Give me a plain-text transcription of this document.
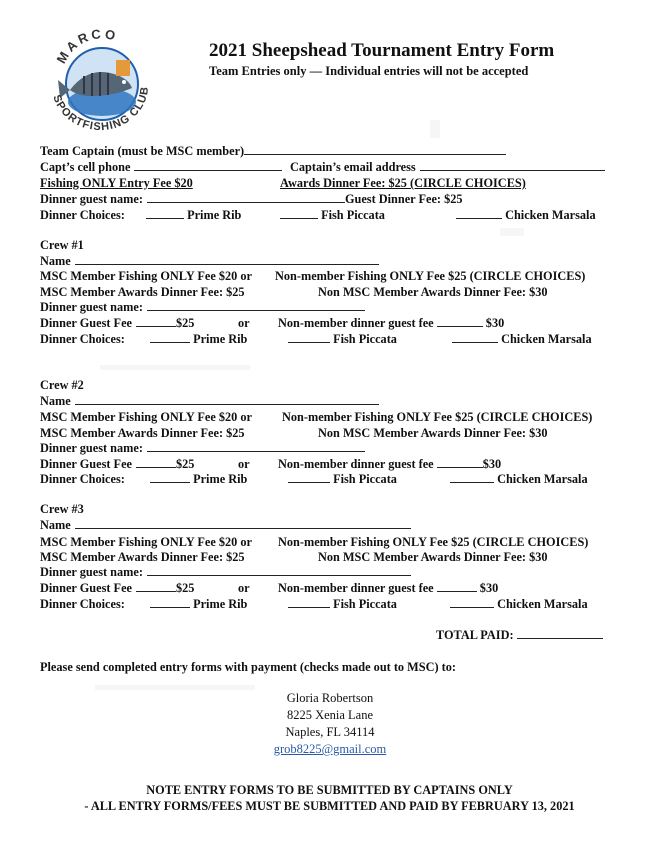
MARCO
SPORTFISHING CLUB
2021 Sheepshead Tournament Entry Form
Team Entries only — Individual entries will not be accepted
Team Captain (must be MSC member)
Capt’s cell phone	Captain’s email address
Fishing ONLY Entry Fee $20	Awards Dinner Fee: $25 (CIRCLE CHOICES)
Dinner guest name:	Guest Dinner Fee: $25
Dinner Choices:	Prime Rib	Fish Piccata	Chicken Marsala
Crew #1
Name
MSC Member Fishing ONLY Fee $20 or Non-member Fishing ONLY Fee $25 (CIRCLE CHOICES)
MSC Member Awards Dinner Fee: $25	Non MSC Member Awards Dinner Fee: $30
Dinner guest name:
Dinner Guest Fee	$25	or Non-member dinner guest fee	$30
Dinner Choices:	Prime Rib	Fish Piccata	Chicken Marsala
Crew #2
Name
MSC Member Fishing ONLY Fee $20 or Non-member Fishing ONLY Fee $25 (CIRCLE CHOICES)
MSC Member Awards Dinner Fee: $25	Non MSC Member Awards Dinner Fee: $30
Dinner guest name:
Dinner Guest Fee	$25	or Non-member dinner guest fee	$30
Dinner Choices:	Prime Rib	Fish Piccata	Chicken Marsala
Crew #3
Name
MSC Member Fishing ONLY Fee $20 or Non-member Fishing ONLY Fee $25 (CIRCLE CHOICES)
MSC Member Awards Dinner Fee: $25	Non MSC Member Awards Dinner Fee: $30
Dinner guest name:
Dinner Guest Fee	$25	or Non-member dinner guest fee	$30
Dinner Choices:	Prime Rib	Fish Piccata	Chicken Marsala
TOTAL PAID:
Please send completed entry forms with payment (checks made out to MSC) to:
Gloria Robertson
8225 Xenia Lane
Naples, FL 34114
grob8225@gmail.com
NOTE ENTRY FORMS TO BE SUBMITTED BY CAPTAINS ONLY
- ALL ENTRY FORMS/FEES MUST BE SUBMITTED AND PAID BY FEBRUARY 13, 2021
